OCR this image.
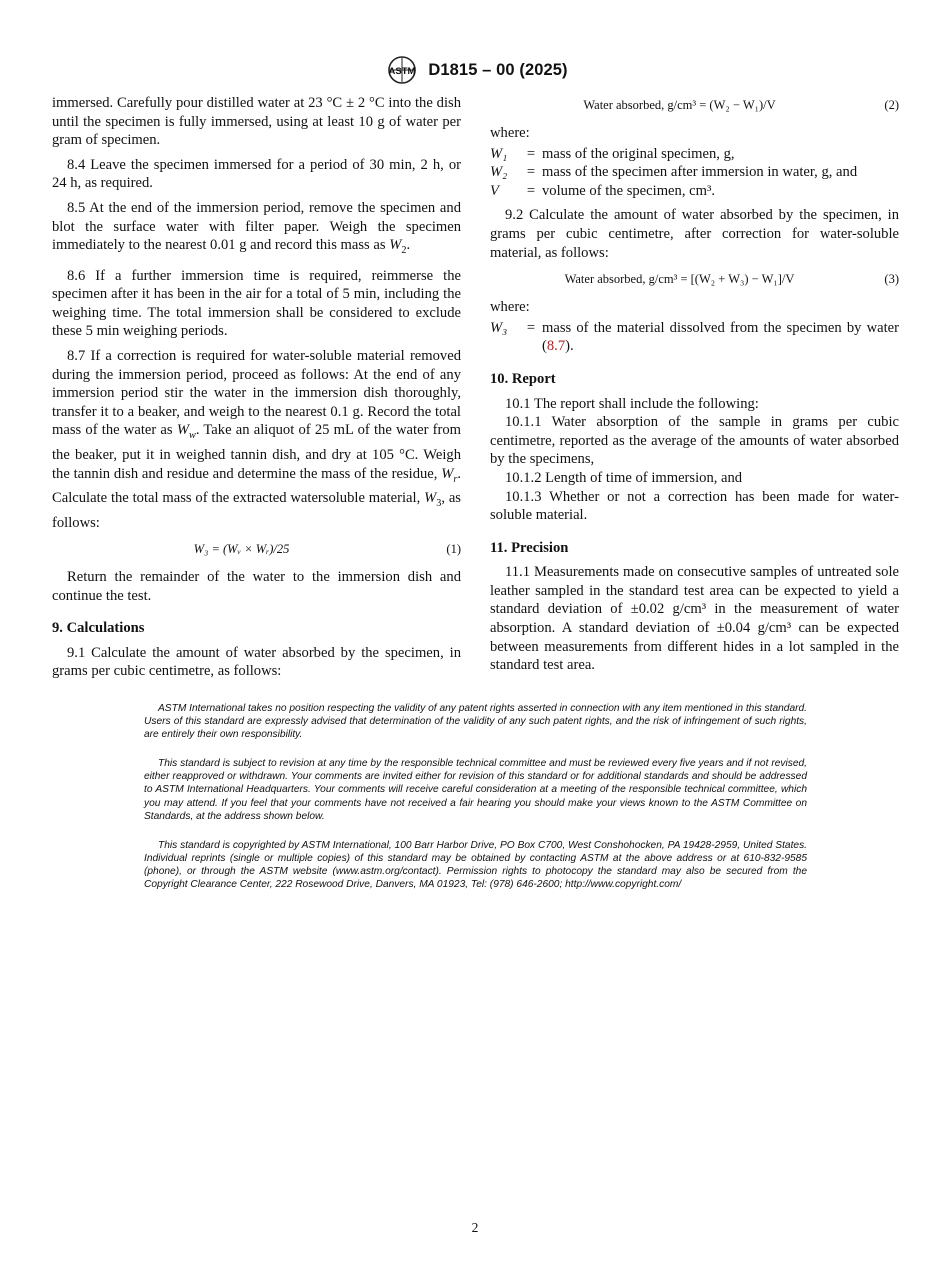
ASTM D1815 – 00 (2025)

immersed. Carefully pour distilled water at 23 °C ± 2 °C into the dish until the specimen is fully immersed, using at least 10 g of water per gram of specimen.

8.4 Leave the specimen immersed for a period of 30 min, 2 h, or 24 h, as required.

8.5 At the end of the immersion period, remove the specimen and blot the surface water with filter paper. Weigh the specimen immediately to the nearest 0.01 g and record this mass as $W_2$.

8.6 If a further immersion time is required, reimmerse the specimen after it has been in the air for a total of 5 min, including the weighing time. The total immersion shall be considered to exclude these 5 min weighing periods.

8.7 If a correction is required for water-soluble material removed during the immersion period, proceed as follows: At the end of any immersion period stir the water in the immersion dish thoroughly, transfer it to a beaker, and weigh to the nearest 0.1 g. Record the total mass of the water as $W_w$. Take an aliquot of 25 mL of the water from the beaker, put it in weighed tannin dish, and dry at 105 °C. Weigh the tannin dish and residue and determine the mass of the residue, $W_r$. Calculate the total mass of the extracted watersoluble material, $W_3$, as follows:

W₃ = (Wᵥ × Wᵣ)/25	(1)

Return the remainder of the water to the immersion dish and continue the test.

9. Calculations

9.1 Calculate the amount of water absorbed by the specimen, in grams per cubic centimetre, as follows:

Water absorbed, g/cm³ = (W₂ − W₁)/V	(2)

where:

W₁	= mass of the original specimen, g,
W₂	= mass of the specimen after immersion in water, g, and
V	= volume of the specimen, cm³.

9.2 Calculate the amount of water absorbed by the specimen, in grams per cubic centimetre, after correction for water-soluble material, as follows:

Water absorbed, g/cm³ = [(W₂ + W₃) − W₁]/V	(3)

where:

W₃	= mass of the material dissolved from the specimen by water (8.7).

10. Report

10.1 The report shall include the following:

10.1.1 Water absorption of the sample in grams per cubic centimetre, reported as the average of the amounts of water absorbed by the specimens,

10.1.2 Length of time of immersion, and

10.1.3 Whether or not a correction has been made for water-soluble material.

11. Precision

11.1 Measurements made on consecutive samples of untreated sole leather sampled in the standard test area can be expected to yield a standard deviation of ±0.02 g/cm³ in the measurement of water absorption. A standard deviation of ±0.04 g/cm³ can be expected between measurements from different hides in a lot sampled in the standard test area.

ASTM International takes no position respecting the validity of any patent rights asserted in connection with any item mentioned in this standard. Users of this standard are expressly advised that determination of the validity of any such patent rights, and the risk of infringement of such rights, are entirely their own responsibility.

This standard is subject to revision at any time by the responsible technical committee and must be reviewed every five years and if not revised, either reapproved or withdrawn. Your comments are invited either for revision of this standard or for additional standards and should be addressed to ASTM International Headquarters. Your comments will receive careful consideration at a meeting of the responsible technical committee, which you may attend. If you feel that your comments have not received a fair hearing you should make your views known to the ASTM Committee on Standards, at the address shown below.

This standard is copyrighted by ASTM International, 100 Barr Harbor Drive, PO Box C700, West Conshohocken, PA 19428-2959, United States. Individual reprints (single or multiple copies) of this standard may be obtained by contacting ASTM at the above address or at 610-832-9585 (phone), or through the ASTM website (www.astm.org/contact). Permission rights to photocopy the standard may also be secured from the Copyright Clearance Center, 222 Rosewood Drive, Danvers, MA 01923, Tel: (978) 646-2600; http://www.copyright.com/

2
